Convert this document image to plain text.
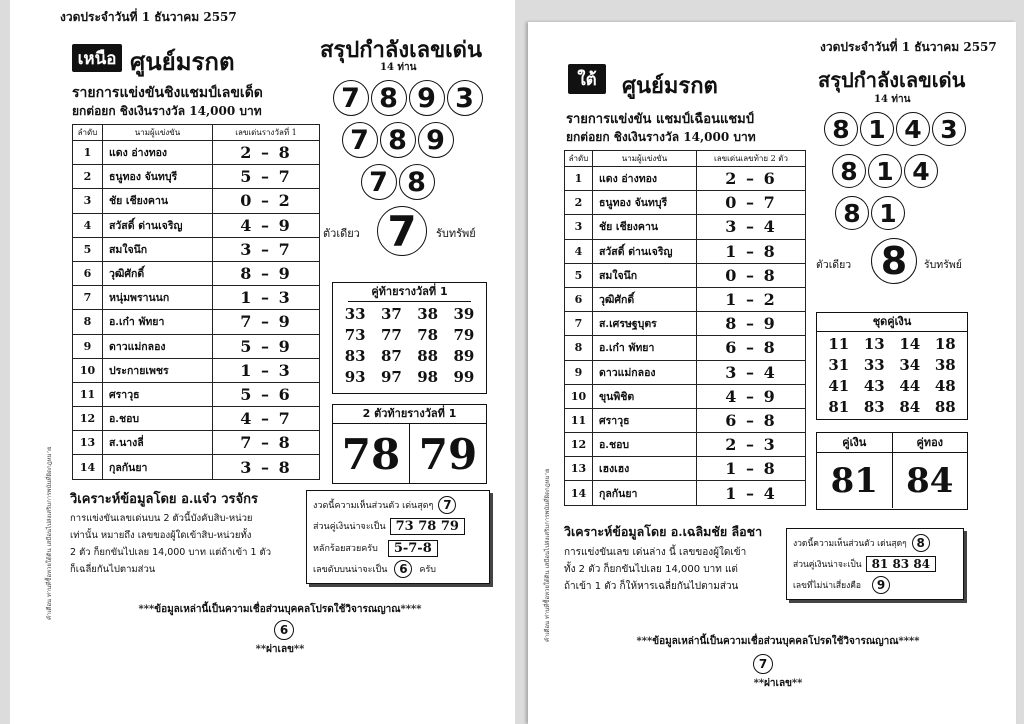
งวดประจำวันที่ 1 ธันวาคม 2557
เหนือ ศูนย์มรกต	สรุปกำลังเลขเด่น
14 ท่าน
รายการแข่งขันชิงแชมป์เลขเด็ด
ยกต่อยก ชิงเงินรางวัล 14,000 บาท
ลำดับ	นามผู้แข่งขัน	เลขเด่นรางวัลที่ 1
1	แดง อ่างทอง	2 – 8
2	ธนูทอง จันทบุรี	5 – 7
3	ชัย เชียงคาน	0 – 2
4	สวัสดิ์ ด่านเจริญ	4 – 9
5	สมใจนึก	3 – 7
6	วุฒิศักดิ์	8 – 9
7	หนุ่มพรานนก	1 – 3
8	อ.เก๋า พัทยา	7 – 9
9	ดาวแม่กลอง	5 – 9
10	ประกายเพชร	1 – 3
11	ศราวุธ	5 – 6
12	อ.ชอบ	4 – 7
13	ส.นางลี่	7 – 8
14	กุลกันยา	3 – 8
7 8 9 3
7 8 9
7 8
ตัวเดียว 7	รับทรัพย์
คู่ท้ายรางวัลที่ 1
33	37	38	39
73	77	78	79
83	87	88	89
93	97	98	99
2 ตัวท้ายรางวัลที่ 1
78 79
วิเคราะห์ข้อมูลโดย อ.แจ๋ว วรจักร
การแข่งขันเลขเด่นบน 2 ตัวนี้บังคับสิบ-หน่วย
เท่านั้น หมายถึง เลขของผู้ใดเข้าสิบ-หน่วยทั้ง
2 ตัว ก็ยกขันไปเลย 14,000 บาท แต่ถ้าเข้า 1 ตัว
ก็เฉลี่ยกันไปตามส่วน
งวดนี้ความเห็นส่วนตัว เด่นสุดๆ 7
ส่วนคู่เงินน่าจะเป็น 73 78 79
หลักร้อยสวยครับ	5-7-8
เลขดับบนน่าจะเป็น 6	ครับ
***ข้อมูลเหล่านี้เป็นความเชื่อส่วนบุคคลโปรดใช้วิจารณญาณ****
6
**ผ่าเลข**
คำเตือน ท่านที่ซื้อหวยใต้ดิน เสมือนไปส่งเสริมการพนันที่ผิดกฎหมาย
งวดประจำวันที่ 1 ธันวาคม 2557
ใต้	ศูนย์มรกต	สรุปกำลังเลขเด่น
14 ท่าน
รายการแข่งขัน แชมป์เฉือนแชมป์
ยกต่อยก ชิงเงินรางวัล 14,000 บาท
ลำดับ	นามผู้แข่งขัน	เลขเด่นเลขท้าย 2 ตัว
1	แดง อ่างทอง	2 – 6
2	ธนูทอง จันทบุรี	0 – 7
3	ชัย เชียงคาน	3 – 4
4	สวัสดิ์ ด่านเจริญ	1 – 8
5	สมใจนึก	0 – 8
6	วุฒิศักดิ์	1 – 2
7	ส.เศรษฐบุตร	8 – 9
8	อ.เก๋า พัทยา	6 – 8
9	ดาวแม่กลอง	3 – 4
10	ขุนพิชิต	4 – 9
11	ศราวุธ	6 – 8
12	อ.ชอบ	2 – 3
13	เฮงเฮง	1 – 8
14	กุลกันยา	1 – 4
8 1 4 3
8 1 4
8 1
ตัวเดียว 8	รับทรัพย์
ชุดคู่เงิน
11 13 14 18
31 33 34 38
41 43 44 48
81 83 84 88
คู่เงิน	คู่ทอง
81 84
วิเคราะห์ข้อมูลโดย อ.เฉลิมชัย ลือชา
การแข่งขันเลข เด่นล่าง นี้ เลขของผู้ใดเข้า
ทั้ง 2 ตัว ก็ยกขันไปเลย 14,000 บาท แต่
ถ้าเข้า 1 ตัว ก็ให้หารเฉลี่ยกันไปตามส่วน
งวดนี้ความเห็นส่วนตัว เด่นสุดๆ 8
ส่วนคู่เงินน่าจะเป็น 81 83 84
เลขที่ไม่น่าเสี่ยงคือ	9
***ข้อมูลเหล่านี้เป็นความเชื่อส่วนบุคคลโปรดใช้วิจารณญาณ****
7
**ผ่าเลข**
คำเตือน ท่านที่ซื้อหวยใต้ดิน เสมือนไปส่งเสริมการพนันที่ผิดกฎหมาย
